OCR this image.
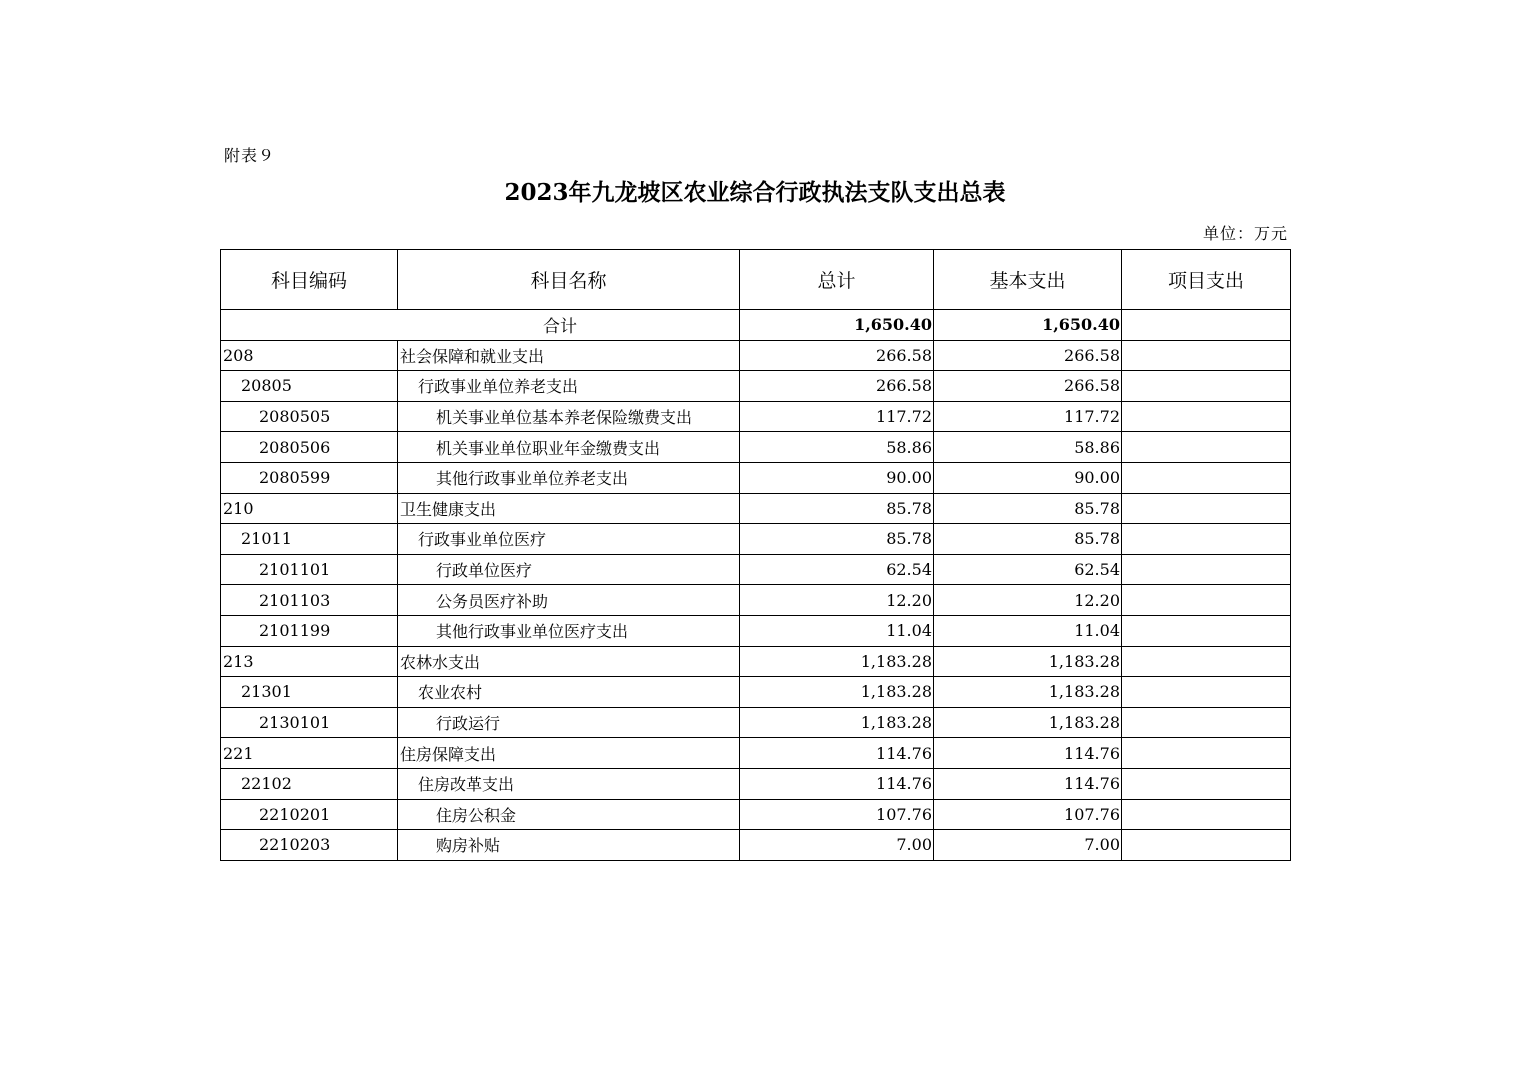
附表９
2023年九龙坡区农业综合行政执法支队支出总表
单位：万元
科目编码	科目名称	总计	基本支出	项目支出
合计		1,650.40	1,650.40	
208	社会保障和就业支出	266.58	266.58	
20805	行政事业单位养老支出	266.58	266.58	
2080505	机关事业单位基本养老保险缴费支出	117.72	117.72	
2080506	机关事业单位职业年金缴费支出	58.86	58.86	
2080599	其他行政事业单位养老支出	90.00	90.00	
210	卫生健康支出	85.78	85.78	
21011	行政事业单位医疗	85.78	85.78	
2101101	行政单位医疗	62.54	62.54	
2101103	公务员医疗补助	12.20	12.20	
2101199	其他行政事业单位医疗支出	11.04	11.04	
213	农林水支出	1,183.28	1,183.28	
21301	农业农村	1,183.28	1,183.28	
2130101	行政运行	1,183.28	1,183.28	
221	住房保障支出	114.76	114.76	
22102	住房改革支出	114.76	114.76	
2210201	住房公积金	107.76	107.76	
2210203	购房补贴	7.00	7.00	
